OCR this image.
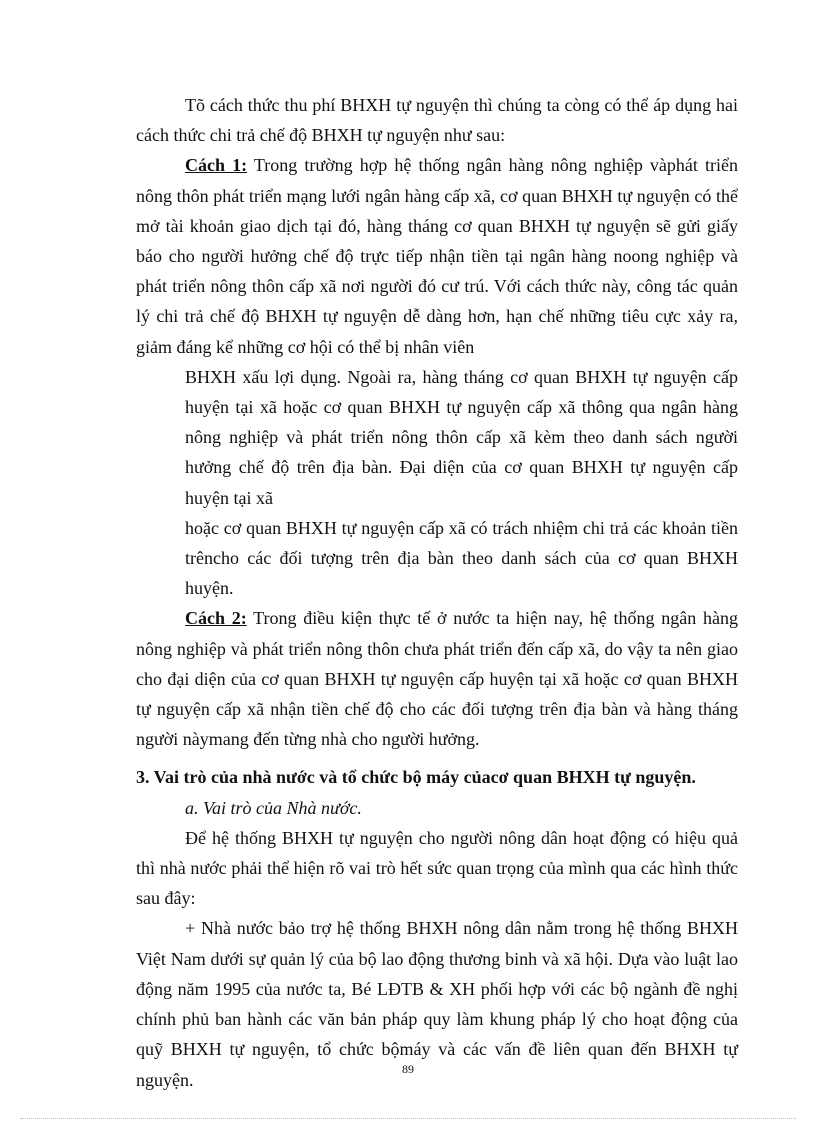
Tõ cách thức thu phí BHXH tự nguyện thì chúng ta còng có thể áp dụng hai cách thức chi trả chế độ BHXH tự nguyện như sau:

Cách 1: Trong trường hợp hệ thống ngân hàng nông nghiệp vàphát triển nông thôn phát triển mạng lưới ngân hàng cấp xã, cơ quan BHXH tự nguyện có thể mở tài khoản giao dịch tại đó, hàng tháng cơ quan BHXH tự nguyện sẽ gửi giấy báo cho người hưởng chế độ trực tiếp nhận tiền tại ngân hàng noong nghiệp và phát triển nông thôn cấp xã nơi người đó cư trú. Với cách thức này, công tác quản lý chi trả chế độ BHXH tự nguyện dễ dàng hơn, hạn chế những tiêu cực xảy ra, giảm đáng kể những cơ hội có thể bị nhân viên

BHXH xấu lợi dụng. Ngoài ra, hàng tháng cơ quan BHXH tự nguyện cấp huyện tại xã hoặc cơ quan BHXH tự nguyện cấp xã thông qua ngân hàng nông nghiệp và phát triển nông thôn cấp xã kèm theo danh sách người hưởng chế độ trên địa bàn. Đại diện của cơ quan BHXH tự nguyện cấp huyện tại xã

hoặc cơ quan BHXH tự nguyện cấp xã có trách nhiệm chi trả các khoản tiền trêncho các đối tượng trên địa bàn theo danh sách của cơ quan BHXH huyện.

Cách 2: Trong điều kiện thực tế ở nước ta hiện nay, hệ thống ngân hàng nông nghiệp và phát triển nông thôn chưa phát triển đến cấp xã, do vậy ta nên giao cho đại diện của cơ quan BHXH tự nguyện cấp huyện tại xã hoặc cơ quan BHXH tự nguyện cấp xã nhận tiền chế độ cho các đối tượng trên địa bàn và hàng tháng người nàymang đến từng nhà cho người hưởng.

3. Vai trò của nhà nước và tổ chức bộ máy củacơ quan BHXH tự nguyện.

a. Vai trò của Nhà nước.

Để hệ thống BHXH tự nguyện cho người nông dân hoạt động có hiệu quả thì nhà nước phải thể hiện rõ vai trò hết sức quan trọng của mình qua các hình thức sau đây:

+ Nhà nước bảo trợ hệ thống BHXH nông dân nằm trong hệ thống BHXH Việt Nam dưới sự quản lý của bộ lao động thương binh và xã hội. Dựa vào luật lao động năm 1995 của nước ta, Bé LĐTB & XH phối hợp với các bộ ngành đề nghị chính phủ ban hành các văn bản pháp quy làm khung pháp lý cho hoạt động của quỹ BHXH tự nguyện, tổ chức bộmáy và các vấn đề liên quan đến BHXH tự nguyện.

89
